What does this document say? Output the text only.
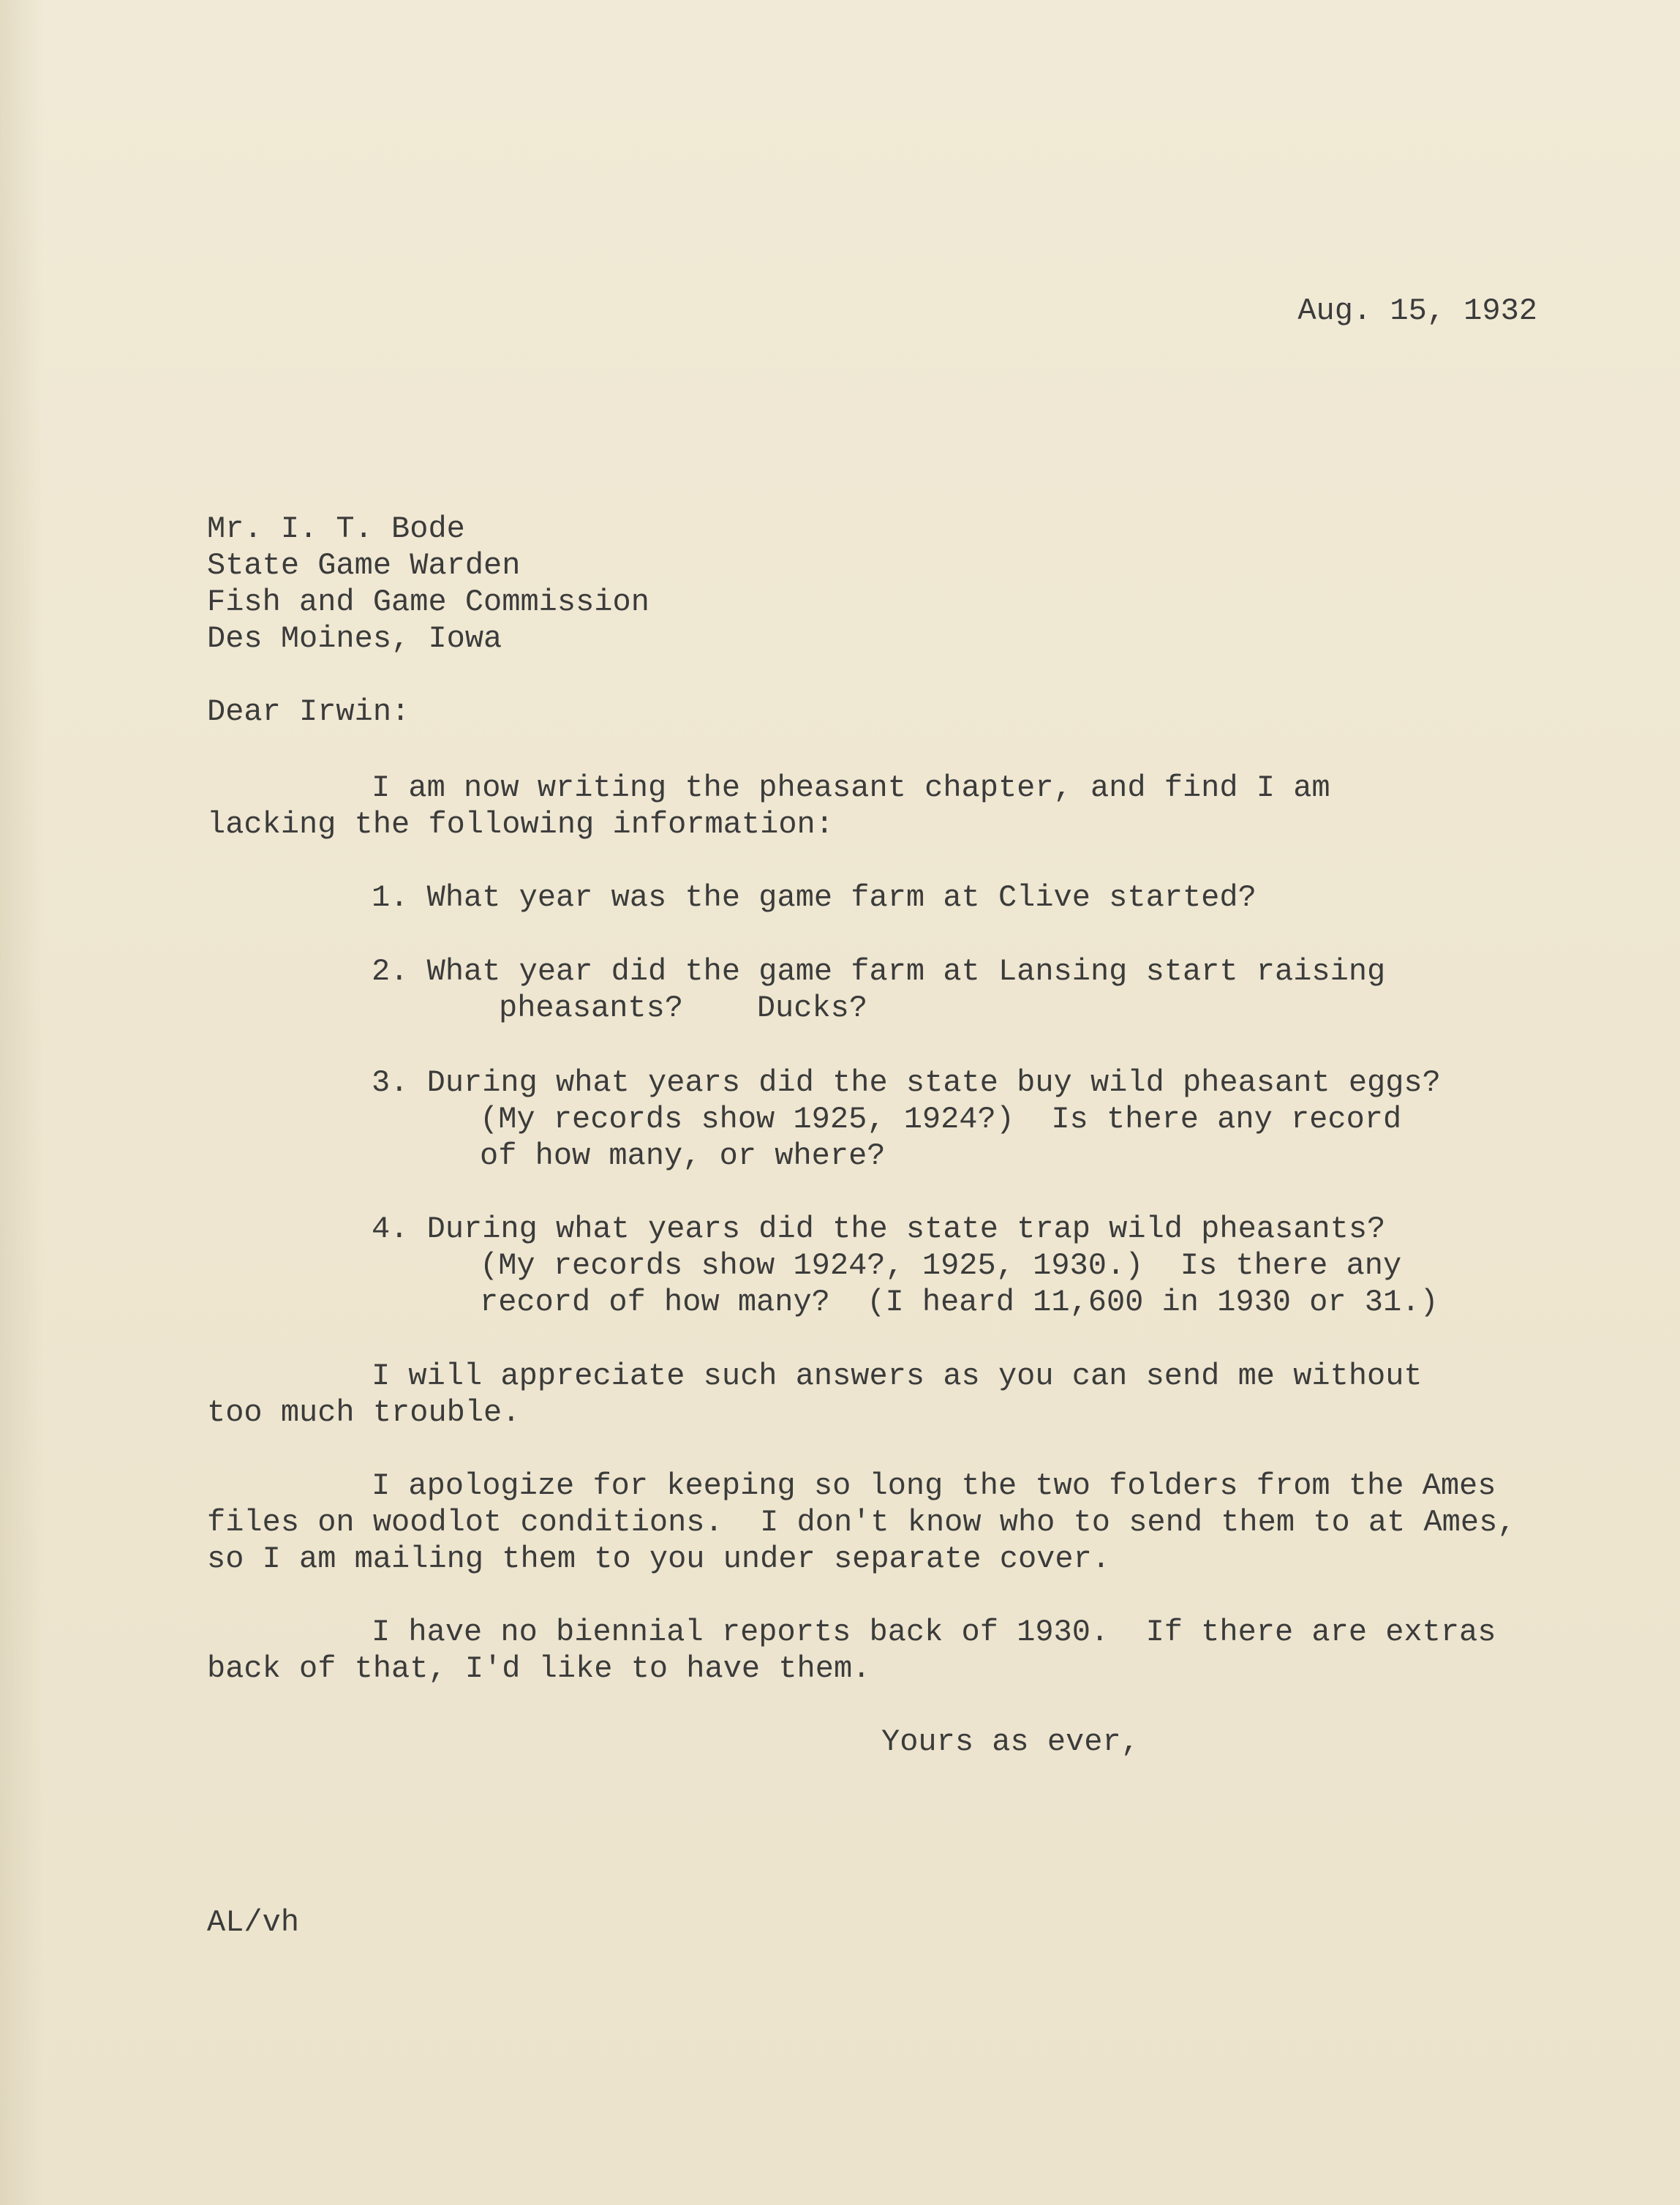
Aug. 15, 1932
Mr. I. T. Bode
State Game Warden
Fish and Game Commission
Des Moines, Iowa
Dear Irwin:
I am now writing the pheasant chapter, and find I am
lacking the following information:
1. What year was the game farm at Clive started?
2. What year did the game farm at Lansing start raising
pheasants?    Ducks?
3. During what years did the state buy wild pheasant eggs?
(My records show 1925, 1924?)  Is there any record
of how many, or where?
4. During what years did the state trap wild pheasants?
(My records show 1924?, 1925, 1930.)  Is there any
record of how many?  (I heard 11,600 in 1930 or 31.)
I will appreciate such answers as you can send me without
too much trouble.
I apologize for keeping so long the two folders from the Ames
files on woodlot conditions.  I don't know who to send them to at Ames,
so I am mailing them to you under separate cover.
I have no biennial reports back of 1930.  If there are extras
back of that, I'd like to have them.
Yours as ever,
AL/vh
